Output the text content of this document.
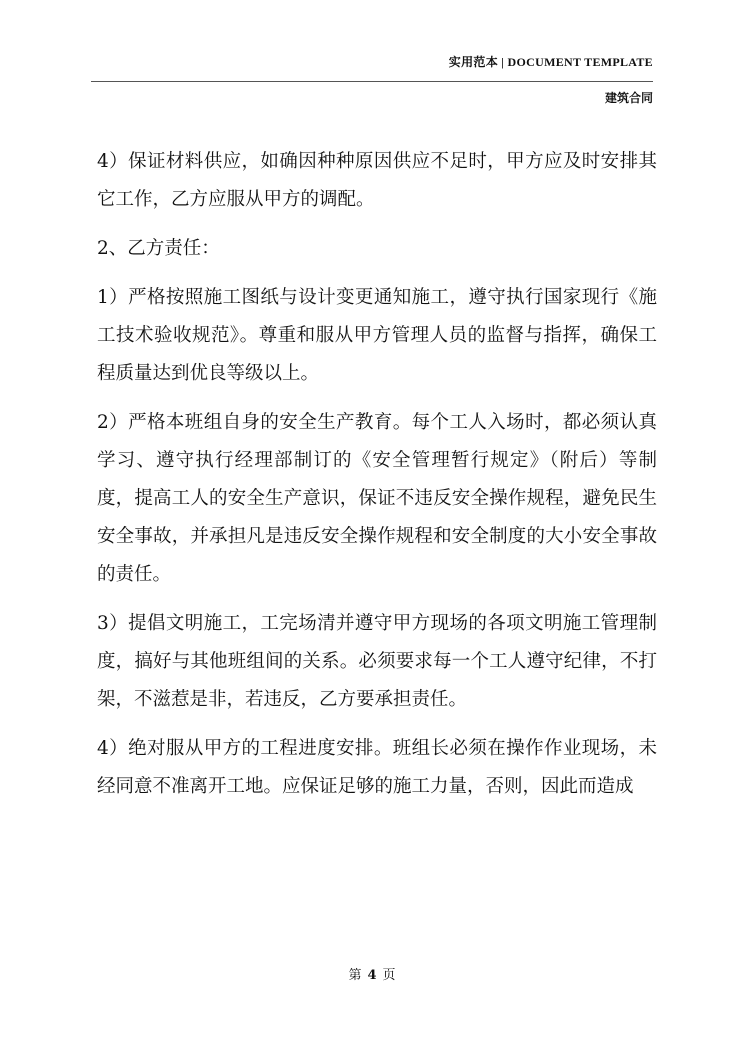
实用范本 | DOCUMENT TEMPLATE
建筑合同

4）保证材料供应，如确因种种原因供应不足时，甲方应及时安排其它工作，乙方应服从甲方的调配。

2、乙方责任：

1）严格按照施工图纸与设计变更通知施工，遵守执行国家现行《施工技术验收规范》。尊重和服从甲方管理人员的监督与指挥，确保工程质量达到优良等级以上。

2）严格本班组自身的安全生产教育。每个工人入场时，都必须认真学习、遵守执行经理部制订的《安全管理暂行规定》（附后）等制度，提高工人的安全生产意识，保证不违反安全操作规程，避免民生安全事故，并承担凡是违反安全操作规程和安全制度的大小安全事故的责任。

3）提倡文明施工，工完场清并遵守甲方现场的各项文明施工管理制度，搞好与其他班组间的关系。必须要求每一个工人遵守纪律，不打架，不滋惹是非，若违反，乙方要承担责任。

4）绝对服从甲方的工程进度安排。班组长必须在操作作业现场，未经同意不准离开工地。应保证足够的施工力量，否则，因此而造成

第 4 页
